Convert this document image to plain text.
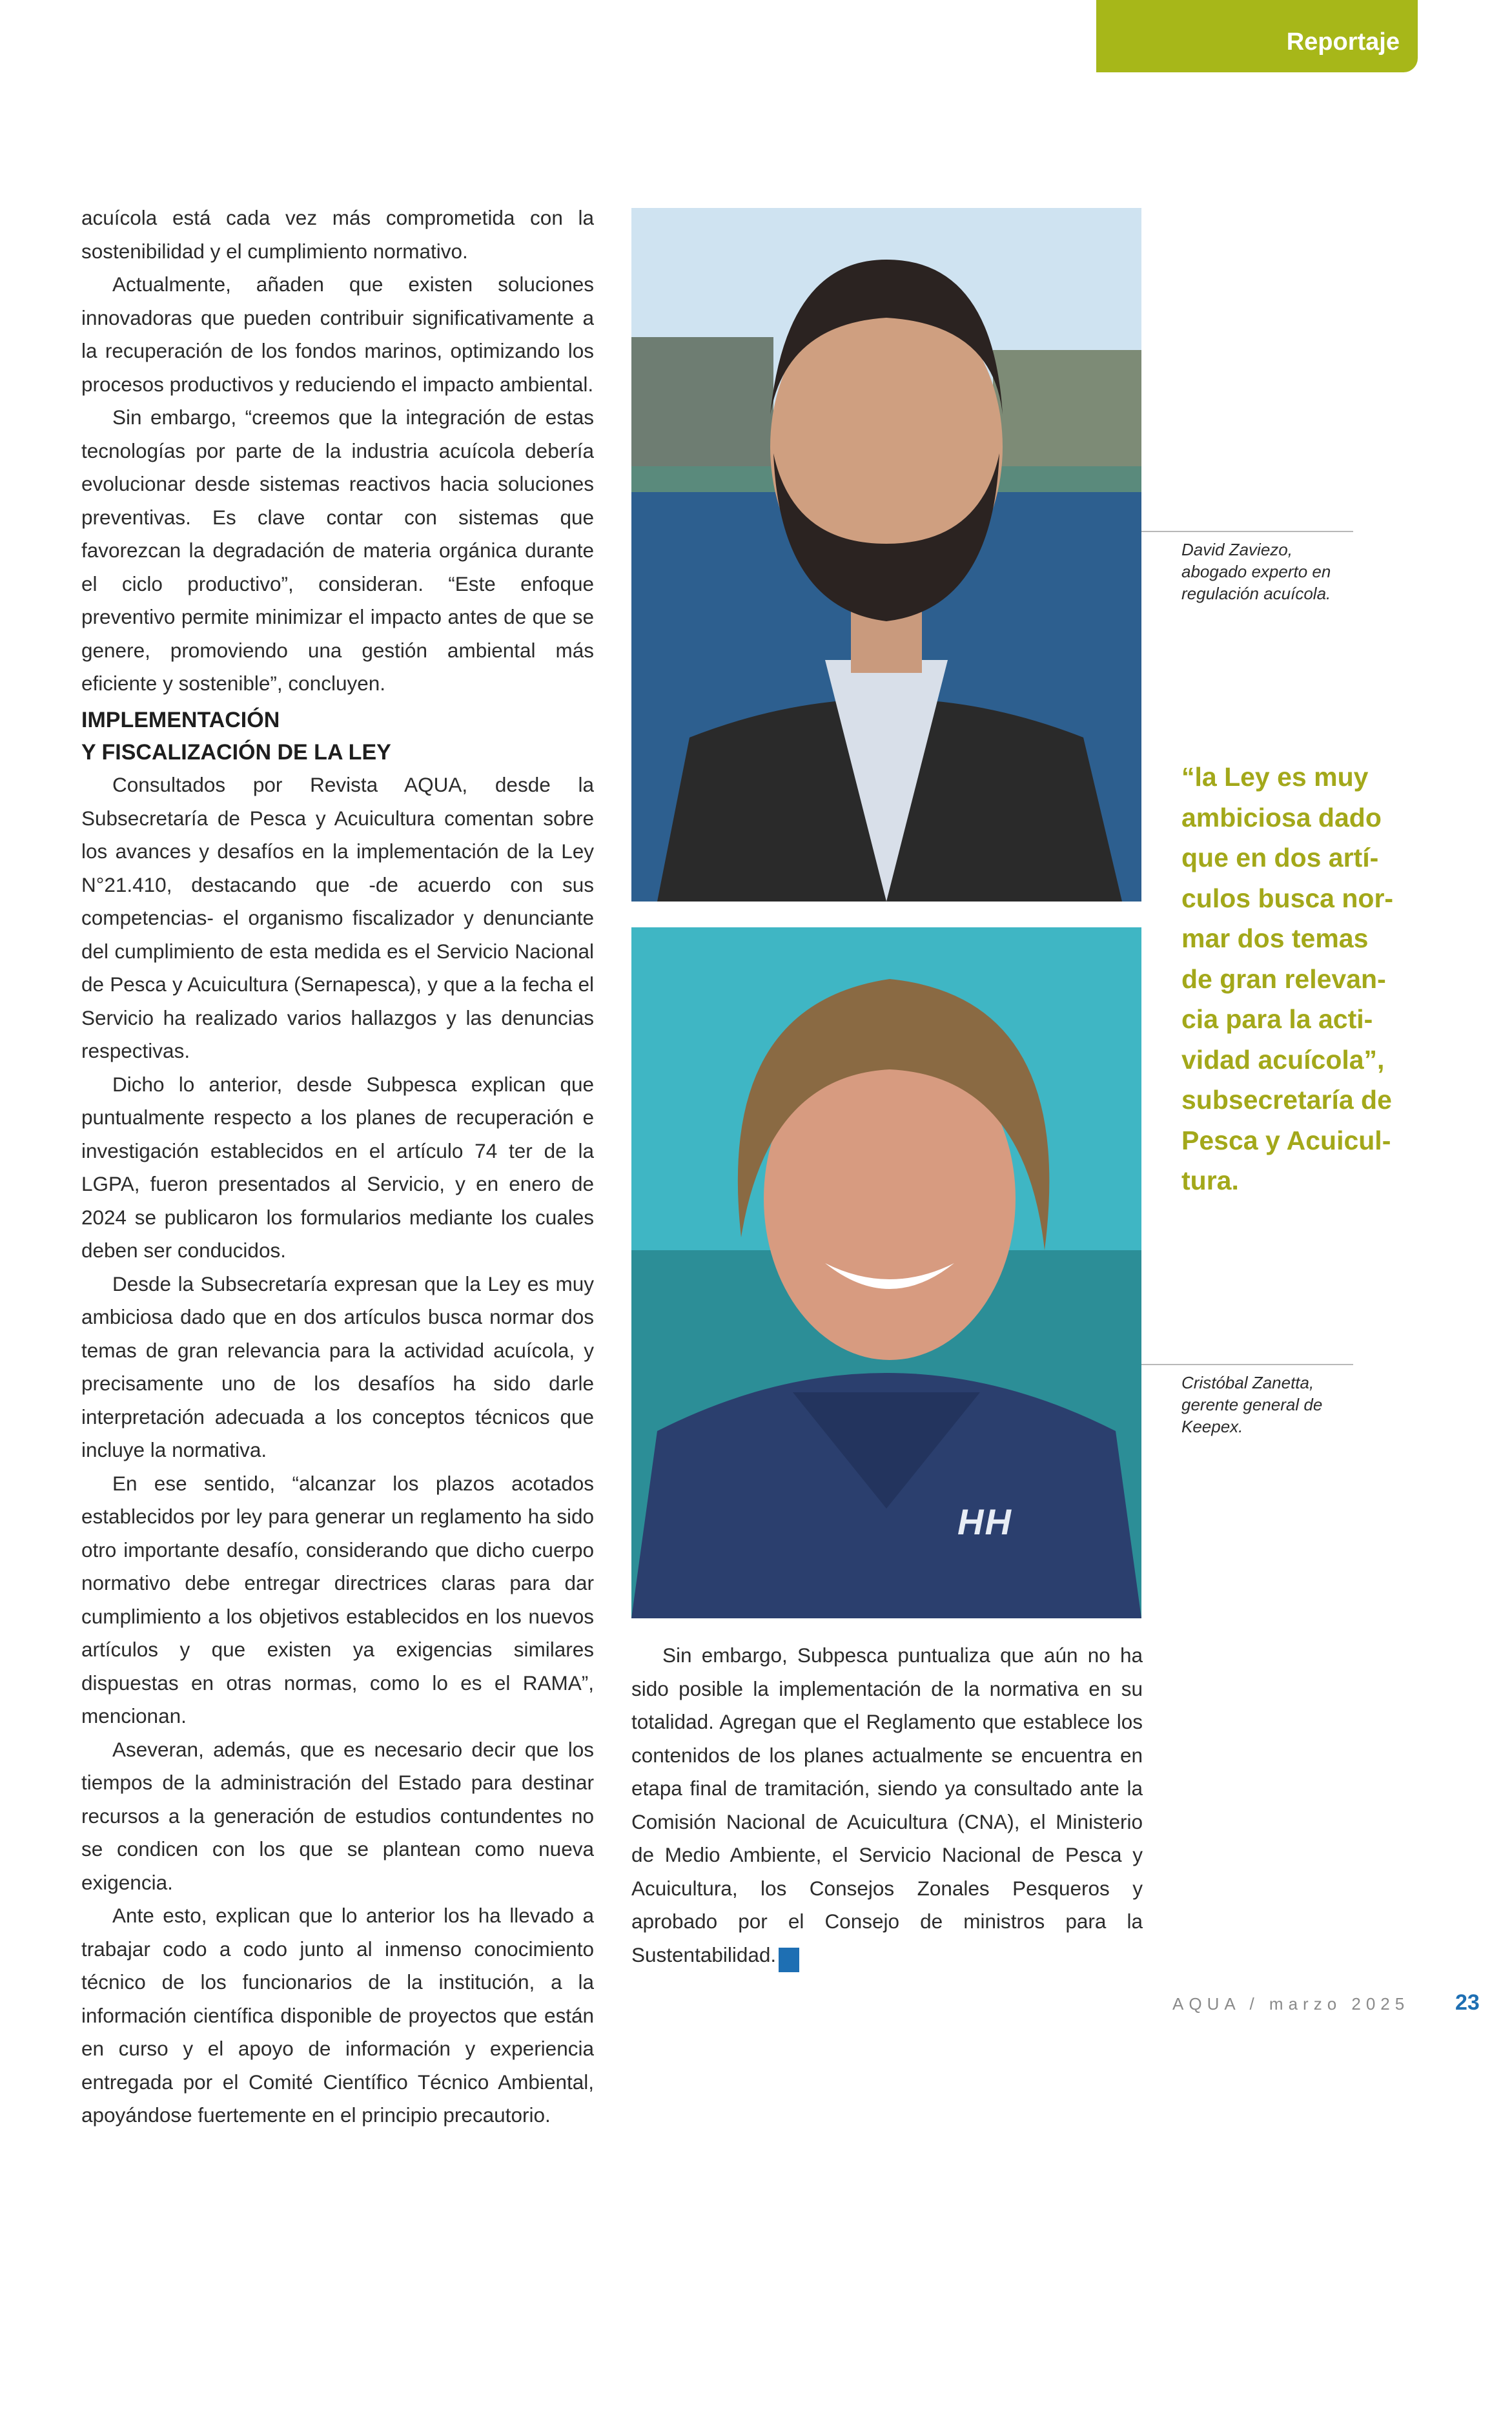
Reportaje

acuícola está cada vez más comprometida con la sostenibilidad y el cumplimiento normativo.

Actualmente, añaden que existen soluciones innovadoras que pueden contribuir significativamente a la recuperación de los fondos marinos, optimizando los procesos productivos y reduciendo el impacto ambiental.

Sin embargo, “creemos que la integración de estas tecnologías por parte de la industria acuícola debería evolucionar desde sistemas reactivos hacia soluciones preventivas. Es clave contar con sistemas que favorezcan la degradación de materia orgánica durante el ciclo productivo”, consideran. “Este enfoque preventivo permite minimizar el impacto antes de que se genere, promoviendo una gestión ambiental más eficiente y sostenible”, concluyen.

IMPLEMENTACIÓN
Y FISCALIZACIÓN DE LA LEY

Consultados por Revista AQUA, desde la Subsecretaría de Pesca y Acuicultura comentan sobre los avances y desafíos en la implementación de la Ley N°21.410, destacando que -de acuerdo con sus competencias- el organismo fiscalizador y denunciante del cumplimiento de esta medida es el Servicio Nacional de Pesca y Acuicultura (Sernapesca), y que a la fecha el Servicio ha realizado varios hallazgos y las denuncias respectivas.

Dicho lo anterior, desde Subpesca explican que puntualmente respecto a los planes de recuperación e investigación establecidos en el artículo 74 ter de la LGPA, fueron presentados al Servicio, y en enero de 2024 se publicaron los formularios mediante los cuales deben ser conducidos.

Desde la Subsecretaría expresan que la Ley es muy ambiciosa dado que en dos artículos busca normar dos temas de gran relevancia para la actividad acuícola, y precisamente uno de los desafíos ha sido darle interpretación adecuada a los conceptos técnicos que incluye la normativa.

En ese sentido, “alcanzar los plazos acotados establecidos por ley para generar un reglamento ha sido otro importante desafío, considerando que dicho cuerpo normativo debe entregar directrices claras para dar cumplimiento a los objetivos establecidos en los nuevos artículos y que existen ya exigencias similares dispuestas en otras normas, como lo es el RAMA”, mencionan.

Aseveran, además, que es necesario decir que los tiempos de la administración del Estado para destinar recursos a la generación de estudios contundentes no se condicen con los que se plantean como nueva exigencia.

Ante esto, explican que lo anterior los ha llevado a trabajar codo a codo junto al inmenso conocimiento técnico de los funcionarios de la institución, a la información científica disponible de proyectos que están en curso y el apoyo de información y experiencia entregada por el Comité Científico Técnico Ambiental, apoyándose fuertemente en el principio precautorio.

Fotografía: David Zaviezo.
HH
Fotografía: Keepex.
David Zaviezo,
abogado experto en
regulación acuícola.
“la Ley es muy
ambiciosa dado
que en dos artí-
culos busca nor-
mar dos temas
de gran relevan-
cia para la acti-
vidad acuícola”,
subsecretaría de
Pesca y Acuicul-
tura.
Cristóbal Zanetta,
gerente general de
Keepex.

Sin embargo, Subpesca puntualiza que aún no ha sido posible la implementación de la normativa en su totalidad. Agregan que el Reglamento que establece los contenidos de los planes actualmente se encuentra en etapa final de tramitación, siendo ya consultado ante la Comisión Nacional de Acuicultura (CNA), el Ministerio de Medio Ambiente, el Servicio Nacional de Pesca y Acuicultura, los Consejos Zonales Pesqueros y aprobado por el Consejo de ministros para la Sustentabilidad. Q

AQUA / marzo 2025 23
